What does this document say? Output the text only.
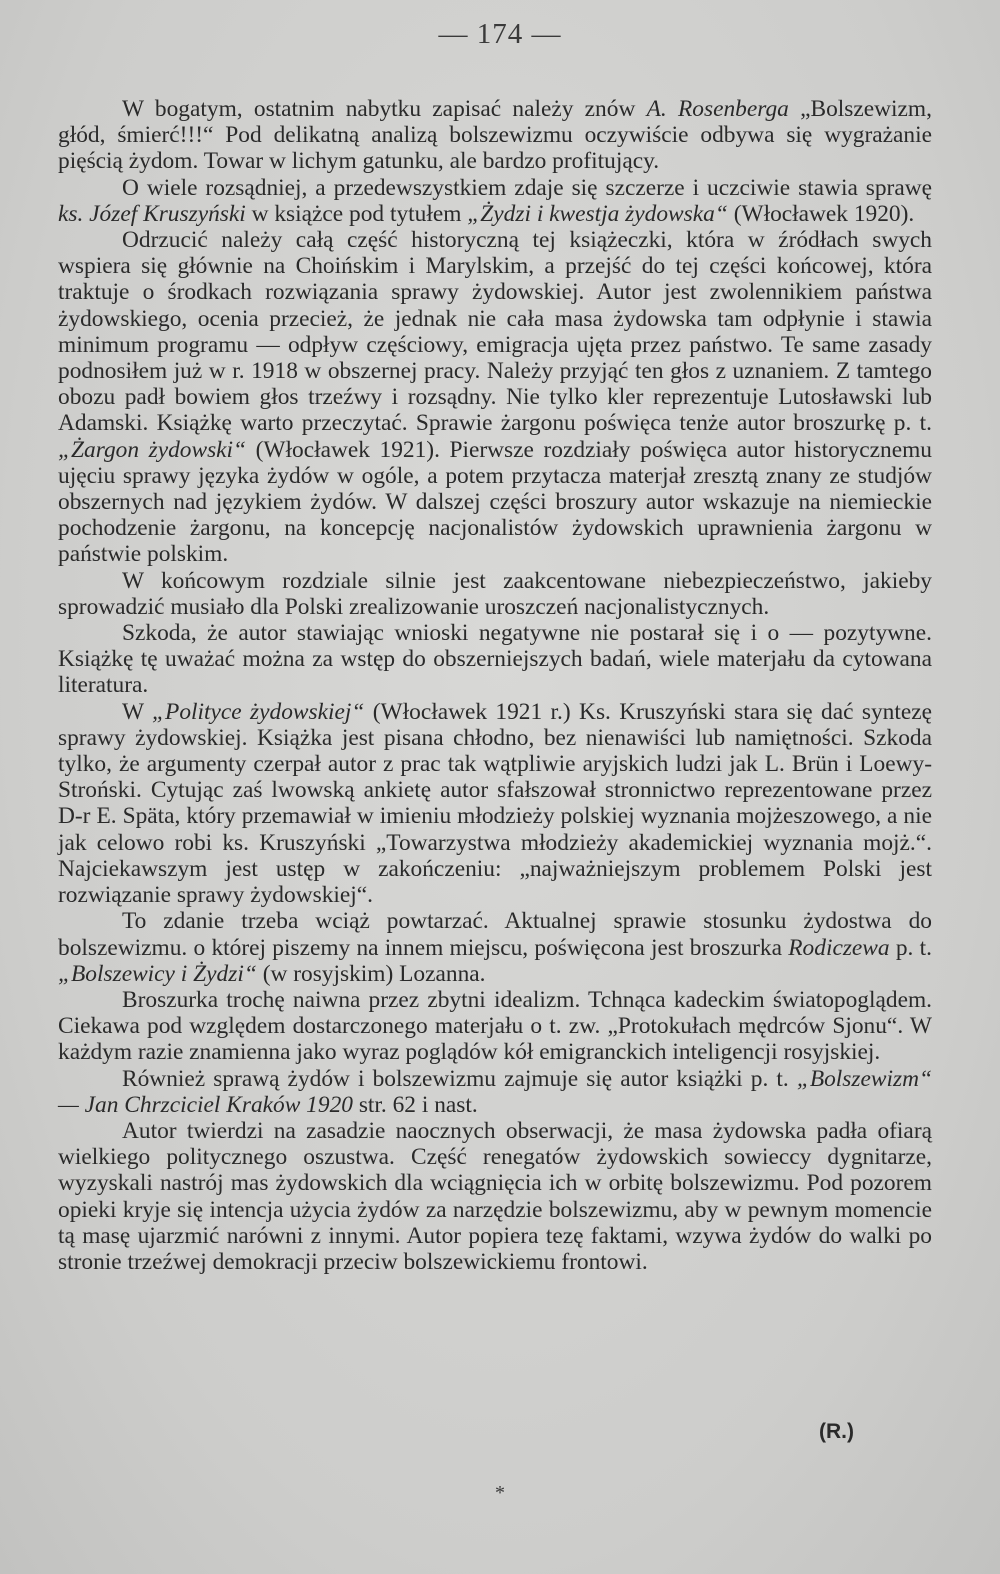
— 174 —

W bogatym, ostatnim nabytku zapisać należy znów A. Rosenberga „Bolszewizm, głód, śmierć!!!“ Pod delikatną analizą bolszewizmu oczywiście odbywa się wygrażanie pięścią żydom. Towar w lichym gatunku, ale bardzo profitujący.

O wiele rozsądniej, a przedewszystkiem zdaje się szczerze i uczciwie stawia sprawę ks. Józef Kruszyński w książce pod tytułem „Żydzi i kwestja żydowska“ (Włocławek 1920).

Odrzucić należy całą część historyczną tej książeczki, która w źródłach swych wspiera się głównie na Choińskim i Marylskim, a przejść do tej części końcowej, która traktuje o środkach rozwiązania sprawy żydowskiej. Autor jest zwolennikiem państwa żydowskiego, ocenia przecież, że jednak nie cała masa żydowska tam odpłynie i stawia minimum programu — odpływ częściowy, emigracja ujęta przez państwo. Te same zasady podnosiłem już w r. 1918 w obszernej pracy. Należy przyjąć ten głos z uznaniem. Z tamtego obozu padł bowiem głos trzeźwy i rozsądny. Nie tylko kler reprezentuje Lutosławski lub Adamski. Książkę warto przeczytać. Sprawie żargonu poświęca tenże autor broszurkę p. t. „Żargon żydowski“ (Włocławek 1921). Pierwsze rozdziały poświęca autor historycznemu ujęciu sprawy języka żydów w ogóle, a potem przytacza materjał zresztą znany ze studjów obszernych nad językiem żydów. W dalszej części broszury autor wskazuje na niemieckie pochodzenie żargonu, na koncepcję nacjonalistów żydowskich uprawnienia żargonu w państwie polskim.

W końcowym rozdziale silnie jest zaakcentowane niebezpieczeństwo, jakieby sprowadzić musiało dla Polski zrealizowanie uroszczeń nacjonalistycznych.

Szkoda, że autor stawiając wnioski negatywne nie postarał się i o — pozytywne. Książkę tę uważać można za wstęp do obszerniejszych badań, wiele materjału da cytowana literatura.

W „Polityce żydowskiej“ (Włocławek 1921 r.) Ks. Kruszyński stara się dać syntezę sprawy żydowskiej. Książka jest pisana chłodno, bez nienawiści lub namiętności. Szkoda tylko, że argumenty czerpał autor z prac tak wątpliwie aryjskich ludzi jak L. Brün i Loewy-Stroński. Cytując zaś lwowską ankietę autor sfałszował stronnictwo reprezentowane przez D-r E. Späta, który przemawiał w imieniu młodzieży polskiej wyznania mojżeszowego, a nie jak celowo robi ks. Kruszyński „Towarzystwa młodzieży akademickiej wyznania mojż.“. Najciekawszym jest ustęp w zakończeniu: „najważniejszym problemem Polski jest rozwiązanie sprawy żydowskiej“.

To zdanie trzeba wciąż powtarzać. Aktualnej sprawie stosunku żydostwa do bolszewizmu. o której piszemy na innem miejscu, poświęcona jest broszurka Rodiczewa p. t. „Bolszewicy i Żydzi“ (w rosyjskim) Lozanna.

Broszurka trochę naiwna przez zbytni idealizm. Tchnąca kadeckim światopoglądem. Ciekawa pod względem dostarczonego materjału o t. zw. „Protokułach mędrców Sjonu“. W każdym razie znamienna jako wyraz poglądów kół emigranckich inteligencji rosyjskiej.

Również sprawą żydów i bolszewizmu zajmuje się autor książki p. t. „Bolszewizm“ — Jan Chrzciciel Kraków 1920 str. 62 i nast.

Autor twierdzi na zasadzie naocznych obserwacji, że masa żydowska padła ofiarą wielkiego politycznego oszustwa. Część renegatów żydowskich sowieccy dygnitarze, wyzyskali nastrój mas żydowskich dla wciągnięcia ich w orbitę bolszewizmu. Pod pozorem opieki kryje się intencja użycia żydów za narzędzie bolszewizmu, aby w pewnym momencie tą masę ujarzmić narówni z innymi. Autor popiera tezę faktami, wzywa żydów do walki po stronie trzeźwej demokracji przeciw bolszewickiemu frontowi.

(R.)
*
